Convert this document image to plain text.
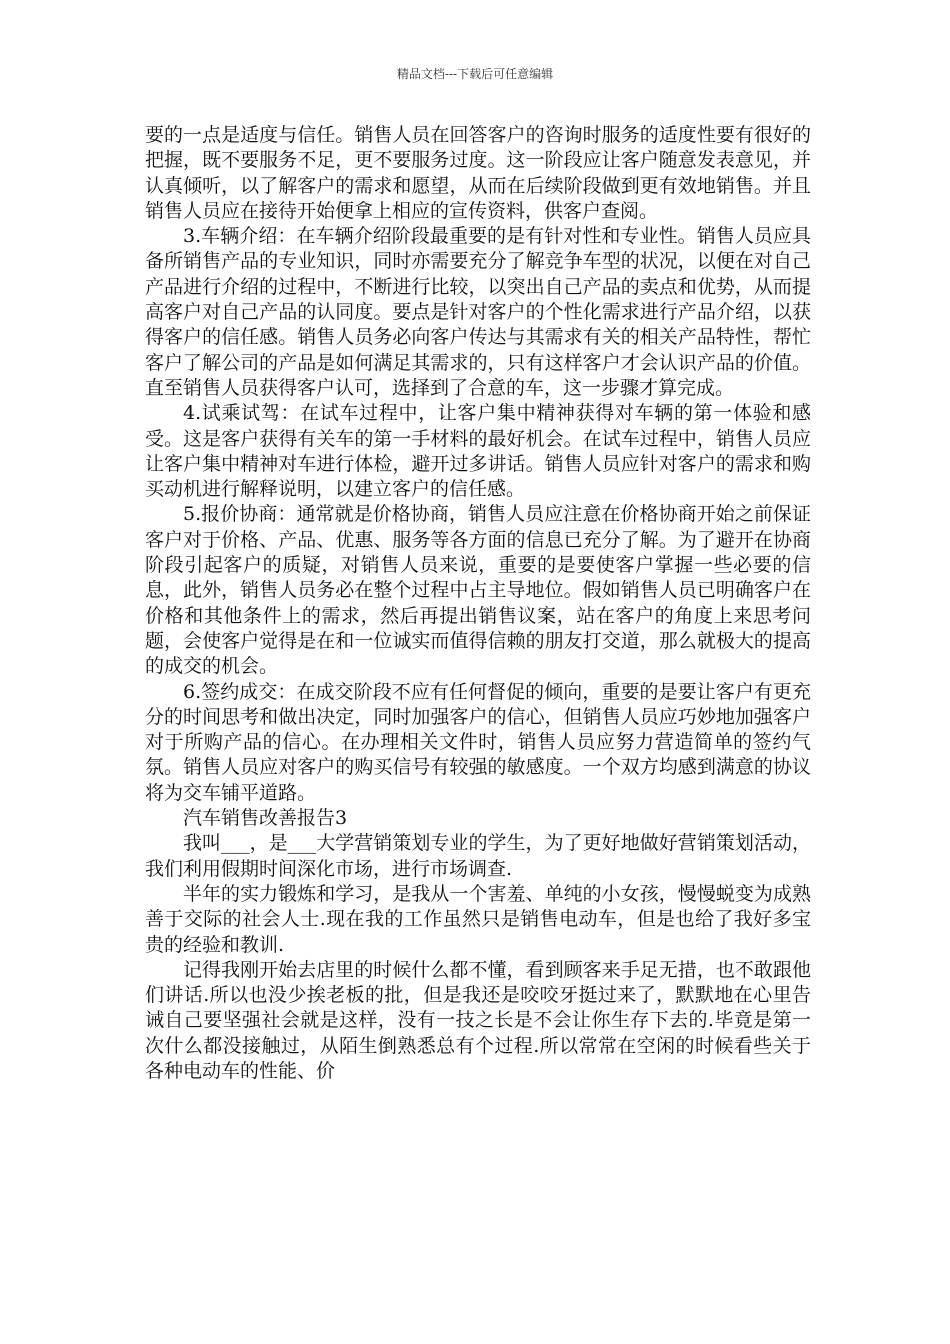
精品文档---下载后可任意编辑

要的一点是适度与信任。销售人员在回答客户的咨询时服务的适度性要有很好的把握，既不要服务不足，更不要服务过度。这一阶段应让客户随意发表意见，并认真倾听，以了解客户的需求和愿望，从而在后续阶段做到更有效地销售。并且销售人员应在接待开始便拿上相应的宣传资料，供客户查阅。

3.车辆介绍：在车辆介绍阶段最重要的是有针对性和专业性。销售人员应具备所销售产品的专业知识，同时亦需要充分了解竞争车型的状况，以便在对自己产品进行介绍的过程中，不断进行比较，以突出自己产品的卖点和优势，从而提高客户对自己产品的认同度。要点是针对客户的个性化需求进行产品介绍，以获得客户的信任感。销售人员务必向客户传达与其需求有关的相关产品特性，帮忙客户了解公司的产品是如何满足其需求的，只有这样客户才会认识产品的价值。直至销售人员获得客户认可，选择到了合意的车，这一步骤才算完成。

4.试乘试驾：在试车过程中，让客户集中精神获得对车辆的第一体验和感受。这是客户获得有关车的第一手材料的最好机会。在试车过程中，销售人员应让客户集中精神对车进行体检，避开过多讲话。销售人员应针对客户的需求和购买动机进行解释说明，以建立客户的信任感。

5.报价协商：通常就是价格协商，销售人员应注意在价格协商开始之前保证客户对于价格、产品、优惠、服务等各方面的信息已充分了解。为了避开在协商阶段引起客户的质疑，对销售人员来说，重要的是要使客户掌握一些必要的信息，此外，销售人员务必在整个过程中占主导地位。假如销售人员已明确客户在价格和其他条件上的需求，然后再提出销售议案，站在客户的角度上来思考问题，会使客户觉得是在和一位诚实而值得信赖的朋友打交道，那么就极大的提高的成交的机会。

6.签约成交：在成交阶段不应有任何督促的倾向，重要的是要让客户有更充分的时间思考和做出决定，同时加强客户的信心，但销售人员应巧妙地加强客户对于所购产品的信心。在办理相关文件时，销售人员应努力营造简单的签约气氛。销售人员应对客户的购买信号有较强的敏感度。一个双方均感到满意的协议将为交车铺平道路。

汽车销售改善报告3

我叫___，是___大学营销策划专业的学生，为了更好地做好营销策划活动，我们利用假期时间深化市场，进行市场调查.

半年的实力锻炼和学习，是我从一个害羞、单纯的小女孩，慢慢蜕变为成熟善于交际的社会人士.现在我的工作虽然只是销售电动车，但是也给了我好多宝贵的经验和教训.

记得我刚开始去店里的时候什么都不懂，看到顾客来手足无措，也不敢跟他们讲话.所以也没少挨老板的批，但是我还是咬咬牙挺过来了，默默地在心里告诫自己要坚强社会就是这样，没有一技之长是不会让你生存下去的.毕竟是第一次什么都没接触过，从陌生倒熟悉总有个过程.所以常常在空闲的时候看些关于各种电动车的性能、价
